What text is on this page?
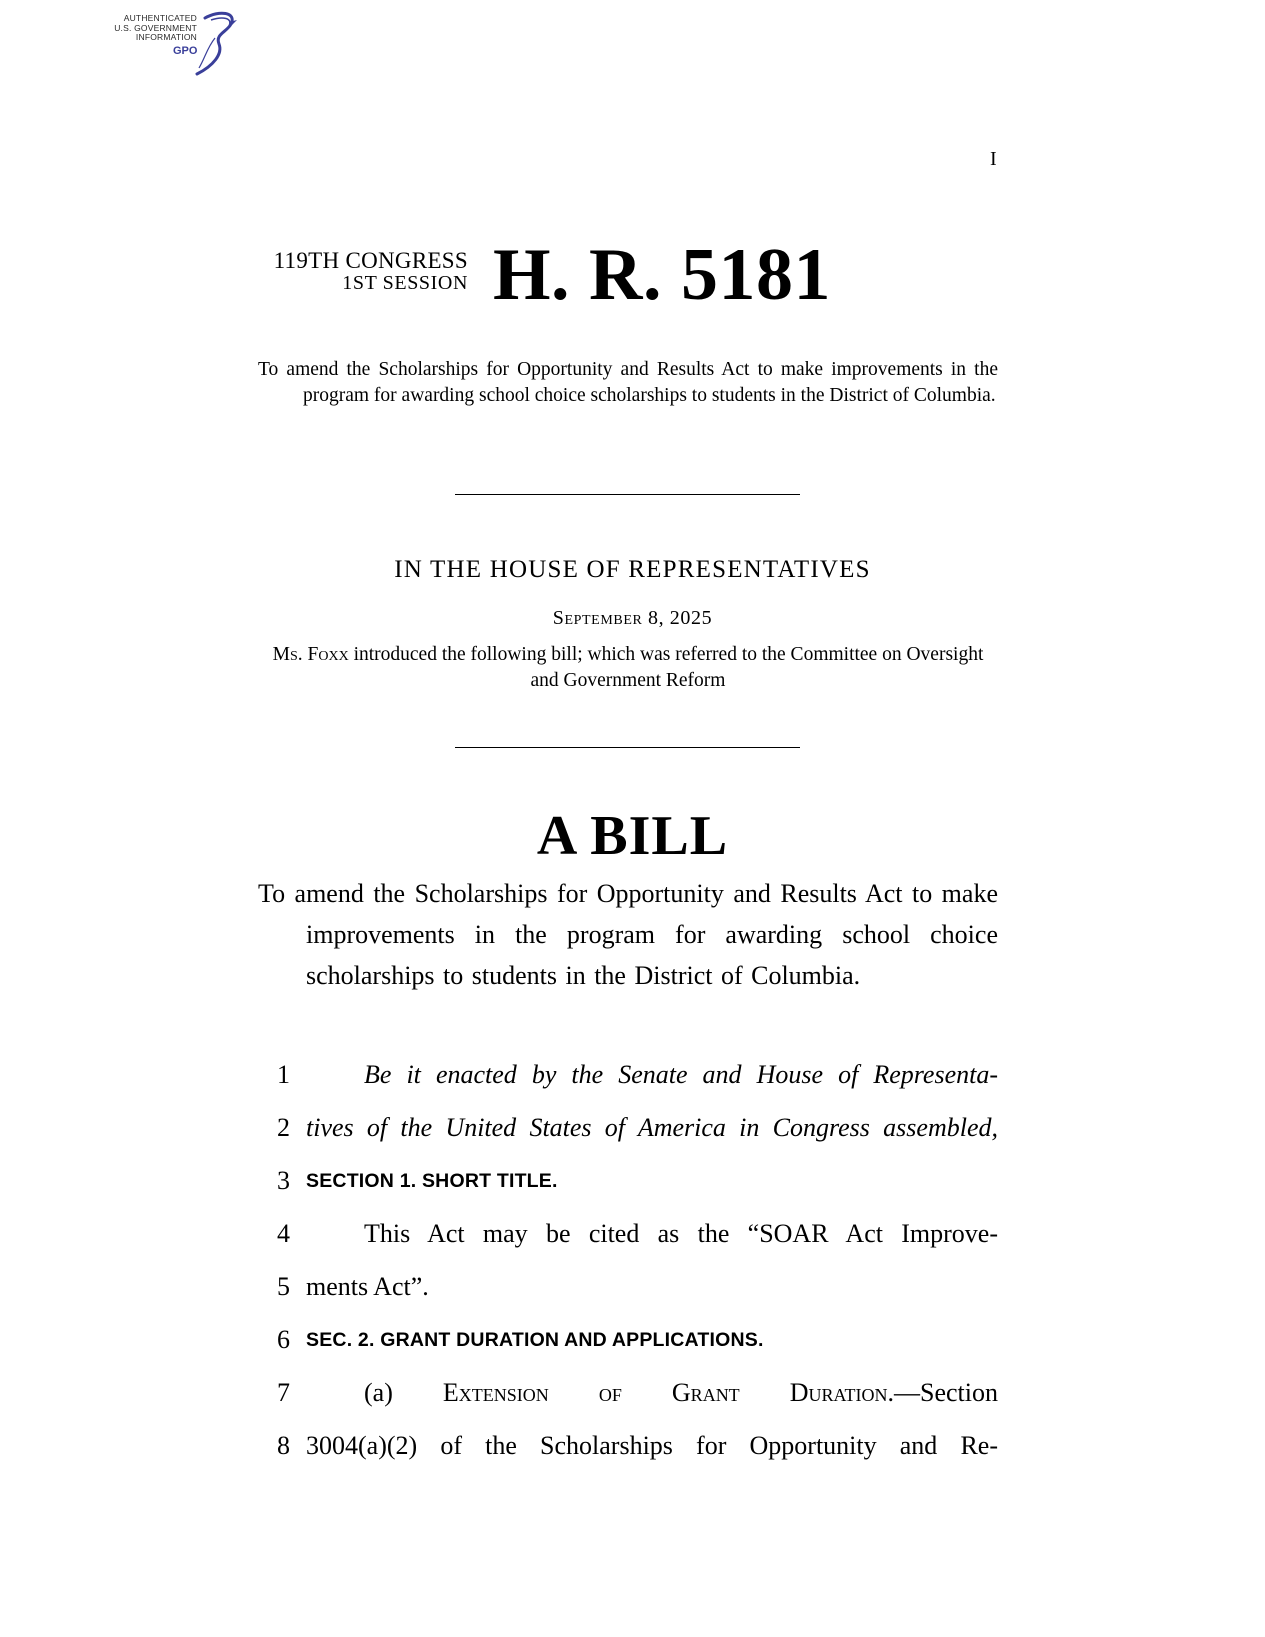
AUTHENTICATED
U.S. GOVERNMENT
INFORMATION
GPO
I
119TH CONGRESS
1ST SESSION H. R. 5181
To amend the Scholarships for Opportunity and Results Act to make improvements in the program for awarding school choice scholarships to students in the District of Columbia.
IN THE HOUSE OF REPRESENTATIVES
September 8, 2025
Ms. Foxx introduced the following bill; which was referred to the Committee on Oversight and Government Reform
A BILL
To amend the Scholarships for Opportunity and Results Act to make improvements in the program for awarding school choice scholarships to students in the District of Columbia.
1	Be it enacted by the Senate and House of Representa-
2 tives of the United States of America in Congress assembled,
3 SECTION 1. SHORT TITLE.
4	This Act may be cited as the “SOAR Act Improve-
5 ments Act”.
6 SEC. 2. GRANT DURATION AND APPLICATIONS.
7	(a) Extension of Grant Duration.—Section
8 3004(a)(2) of the Scholarships for Opportunity and Re-
